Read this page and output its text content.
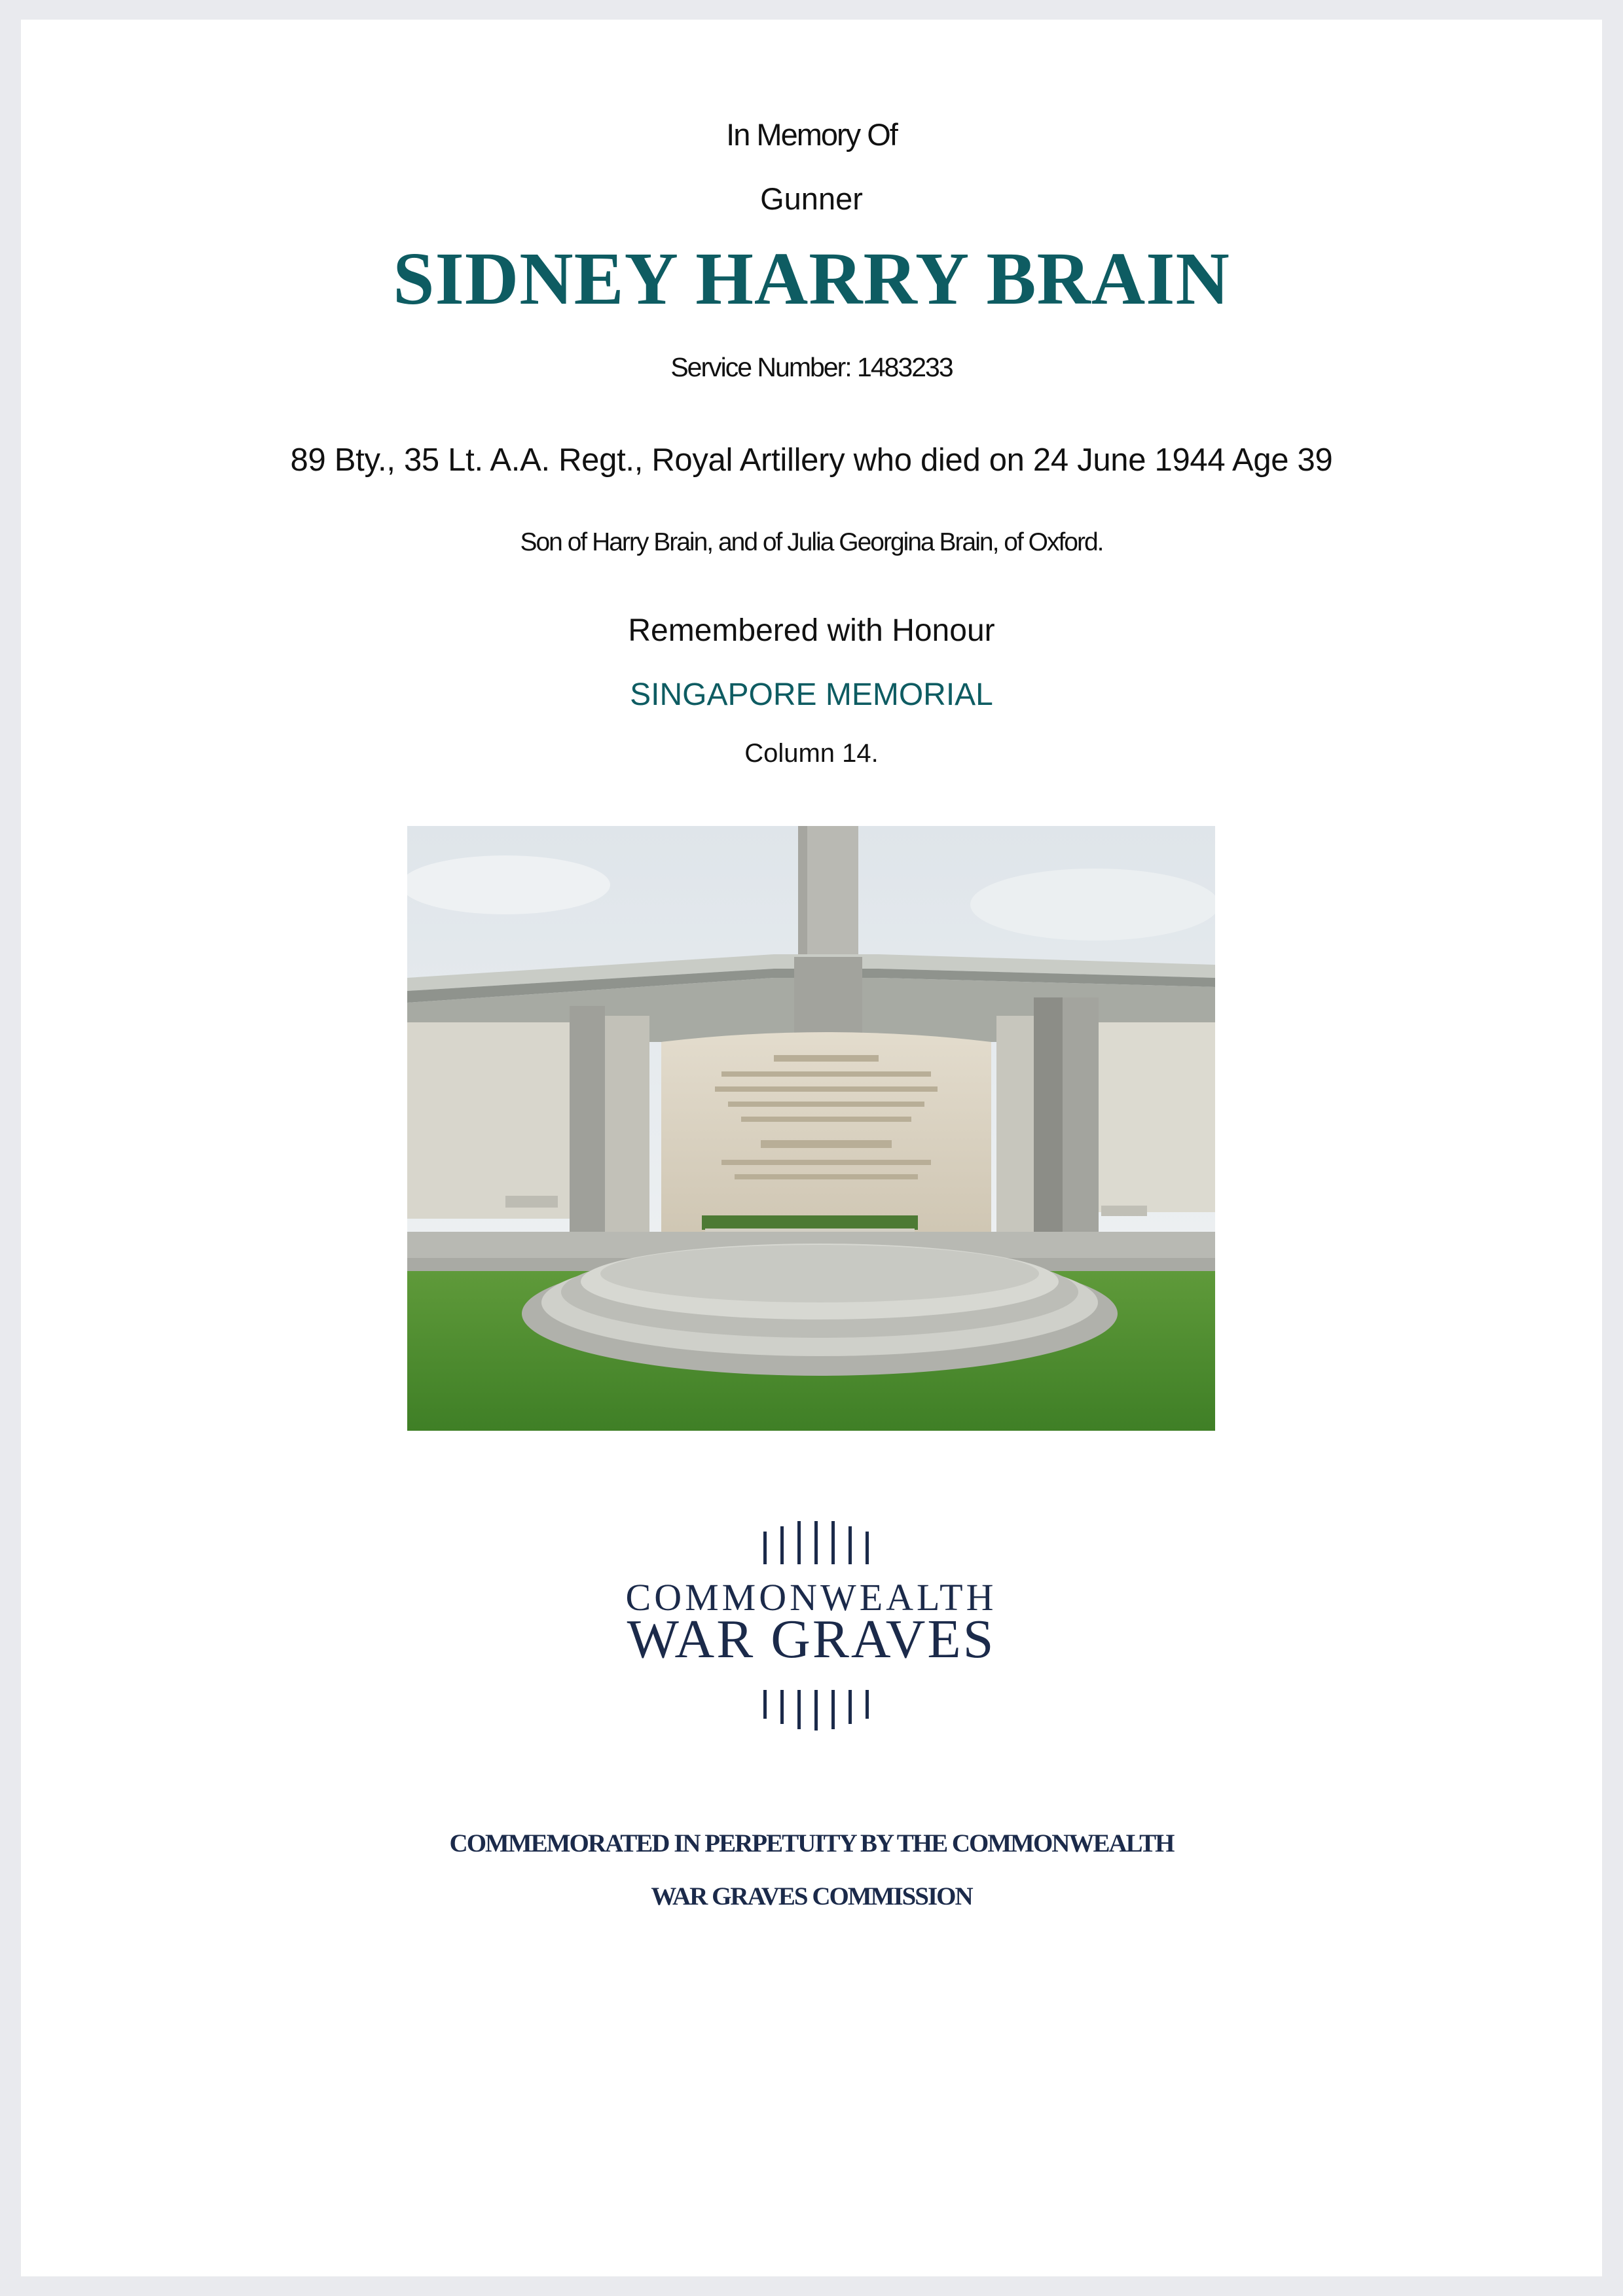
In Memory Of
Gunner
SIDNEY HARRY BRAIN
Service Number: 1483233
89 Bty., 35 Lt. A.A. Regt., Royal Artillery who died on 24 June 1944 Age 39
Son of Harry Brain, and of Julia Georgina Brain, of Oxford.
Remembered with Honour
SINGAPORE MEMORIAL
Column 14.
COMMONWEALTH
WAR GRAVES
COMMEMORATED IN PERPETUITY BY THE COMMONWEALTH
WAR GRAVES COMMISSION
